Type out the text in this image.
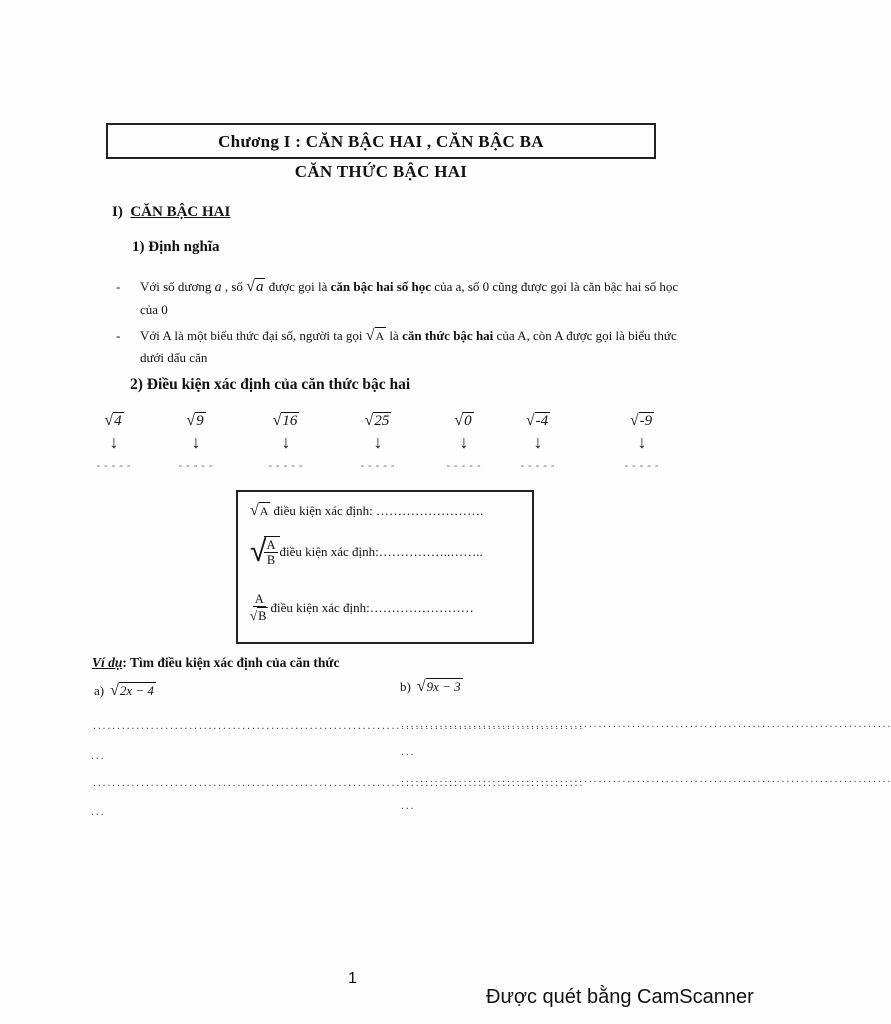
Chương I : CĂN BẬC HAI , CĂN BẬC BA
CĂN THỨC BẬC HAI
I) CĂN BẬC HAI
1) Định nghĩa
- Với số dương a , số √ a được gọi là căn bậc hai số học của a, số 0 cũng được gọi là căn bậc hai số học của 0
- Với A là một biểu thức đại số, người ta gọi √ A là căn thức bậc hai của A, còn A được gọi là biểu thức dưới dấu căn
2) Điều kiện xác định của căn thức bậc hai
√ 4
↓
-----
√ 9
↓
-----
√ 16
↓
-----
√ 25
↓
-----
√ 0
↓
-----
√ -4
↓
-----
√ -9
↓
-----
√ A điều kiện xác định: …………………….
√
$\frac{A}{B}$ điều kiện xác định:……………..……..
$\frac{A}{√ B}$ điều kiện xác định:……………………
Ví dụ: Tìm điều kiện xác định của căn thức
a) √ 2x − 4	b) √ 9x − 3
......................................................................................................
...
......................................................................................................
...
......................................................................................................
...
......................................................................................................
...
1
Được quét bằng CamScanner
